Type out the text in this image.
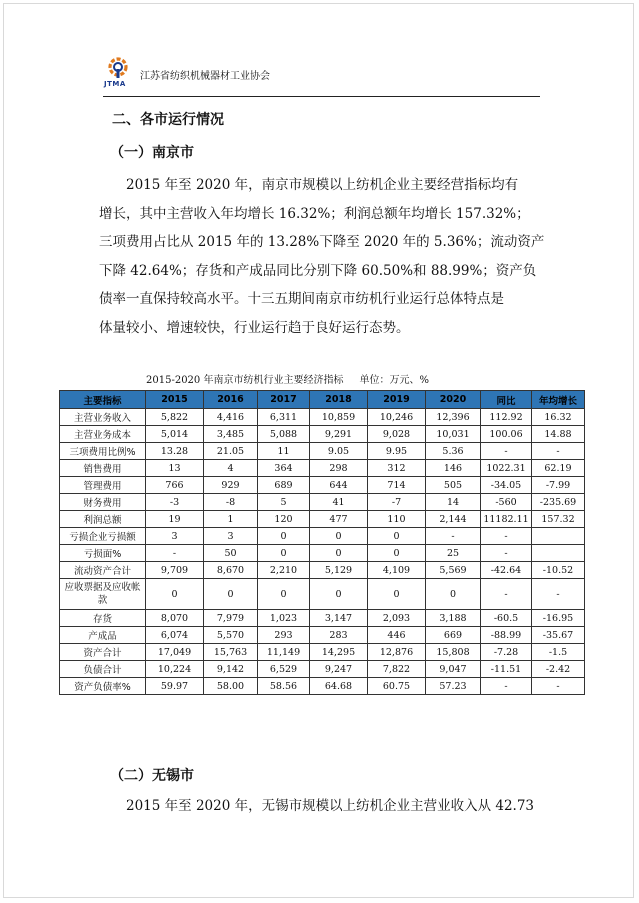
JTMA
江苏省纺织机械器材工业协会
二、各市运行情况
（一）南京市
2015 年至 2020 年，南京市规模以上纺机企业主要经营指标均有
增长，其中主营收入年均增长 16.32%；利润总额年均增长 157.32%；
三项费用占比从 2015 年的 13.28%下降至 2020 年的 5.36%；流动资产
下降 42.64%；存货和产成品同比分别下降 60.50%和 88.99%；资产负
债率一直保持较高水平。十三五期间南京市纺机行业运行总体特点是
体量较小、增速较快，行业运行趋于良好运行态势。
2015-2020 年南京市纺机行业主要经济指标 单位：万元、%
主要指标	2015	2016	2017	2018	2019	2020	同比	年均增长
主营业务收入	5,822	4,416	6,311	10,859	10,246	12,396	112.92	16.32
主营业务成本	5,014	3,485	5,088	9,291	9,028	10,031	100.06	14.88
三项费用比例%	13.28	21.05	11	9.05	9.95	5.36	-	-
销售费用	13	4	364	298	312	146	1022.31	62.19
管理费用	766	929	689	644	714	505	-34.05	-7.99
财务费用	-3	-8	5	41	-7	14	-560	-235.69
利润总额	19	1	120	477	110	2,144	11182.11	157.32
亏损企业亏损额	3	3	0	0	0	-	-	
亏损面%	-	50	0	0	0	25	-	
流动资产合计	9,709	8,670	2,210	5,129	4,109	5,569	-42.64	-10.52
应收票据及应收帐款	0	0	0	0	0	0	-	-
存货	8,070	7,979	1,023	3,147	2,093	3,188	-60.5	-16.95
产成品	6,074	5,570	293	283	446	669	-88.99	-35.67
资产合计	17,049	15,763	11,149	14,295	12,876	15,808	-7.28	-1.5
负债合计	10,224	9,142	6,529	9,247	7,822	9,047	-11.51	-2.42
资产负债率%	59.97	58.00	58.56	64.68	60.75	57.23	-	-
（二）无锡市
2015 年至 2020 年，无锡市规模以上纺机企业主营业收入从 42.73
